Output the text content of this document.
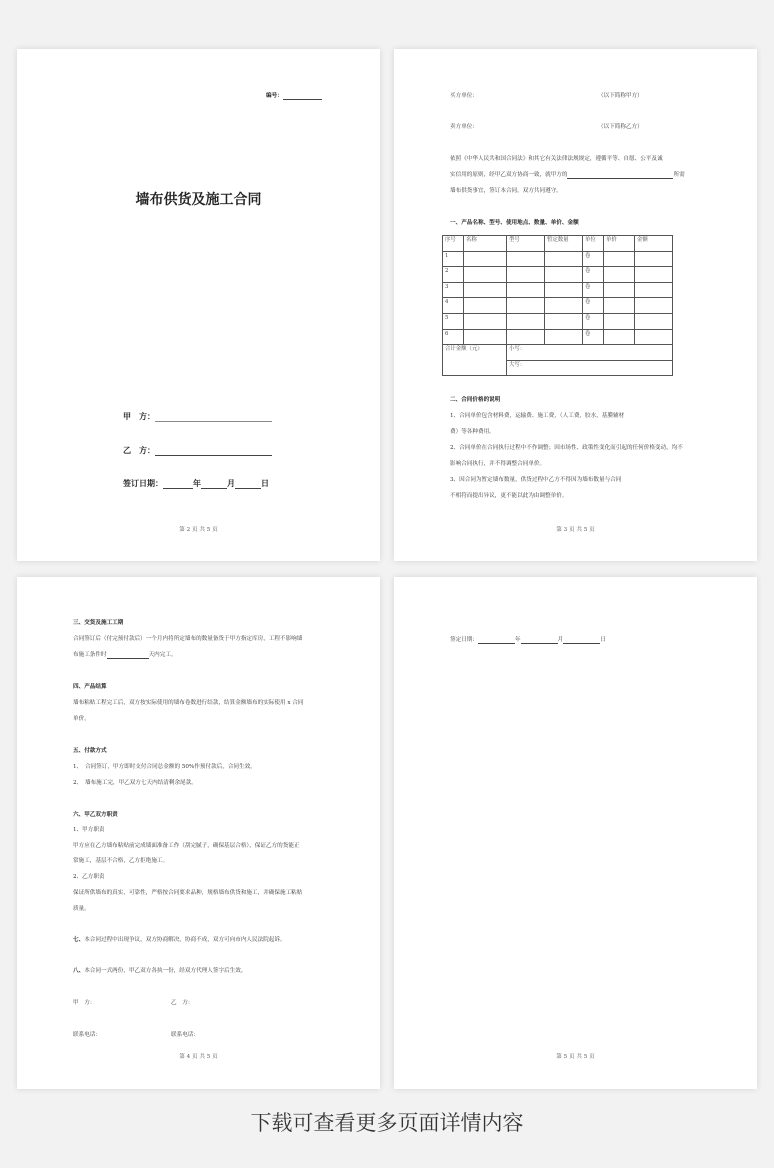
编号：
墙布供货及施工合同
甲　方：
乙　方：
签订日期：	年	月	日
第 2 页 共 5 页
买方单位：	（以下简称甲方）
卖方单位：	（以下简称乙方）
依照《中华人民共和国合同法》和其它有关法律法规规定，遵循平等、自愿、公平及诚
实信用的原则，经甲乙双方协商一致，就甲方的	所需
墙布供货事宜，签订本合同，双方共同遵守。
一、产品名称、型号、使用地点、数量、单价、金额
序号	名称	型号	暂定数量	单位	单价	金额
1				卷		
2				卷		
3				卷		
4				卷		
5				卷		
6				卷		
合计金额（元）		小写：				
		大写：				
二、合同价格的说明
1、合同单价包含材料费，运输费、施工费，（人工费，胶水，基膜辅材
费）等各种费用。
2、合同单价在合同执行过程中不作调整；因市场性、政策性变化而引起的任何价格变动，均不
影响合同执行，并不得调整合同单价。
3、因合同为暂定墙布数量，供货过程中乙方不得因为墙布数量与合同
不相符而提出异议，更不能以此为由调整单价。
第 3 页 共 5 页
三、交货及施工工期
合同签订后（付完预付款后）一个月内将所定墙布的数量备货于甲方指定库房，工程不影响墙
布施工条件时	天内完工。
四、产品结算
墙布粘贴工程完工后，双方按实际使用的墙布卷数进行结款，结算金额墙布的实际使用 x 合同
单价。
五、付款方式
1、　合同签订，甲方即时支付合同总金额的 50%作预付款后，合同生效。
2、　墙布施工完，甲乙双方七天内结清剩余尾款。
六、甲乙双方职责
1、甲方职责
甲方应在乙方墙布粘贴前完成墙面准备工作（刮完腻子，确保基层合格），保证乙方的货能正
常施工，基层不合格，乙方拒绝施工。
2、乙方职责
保证所供墙布的真实，可靠性，严格按合同要求品种，规格墙布供货和施工，并确保施工粘贴
质量。
七、本合同过程中出现争议，双方协商解决，协商不成，双方可向市内人民法院起诉。
八、本合同一式两份，甲乙双方各执一份，经双方代理人签字后生效。
甲　方：	乙　方：
联系电话：	联系电话：
第 4 页 共 5 页
签定日期：	年	月	日
第 5 页 共 5 页
下载可查看更多页面详情内容
